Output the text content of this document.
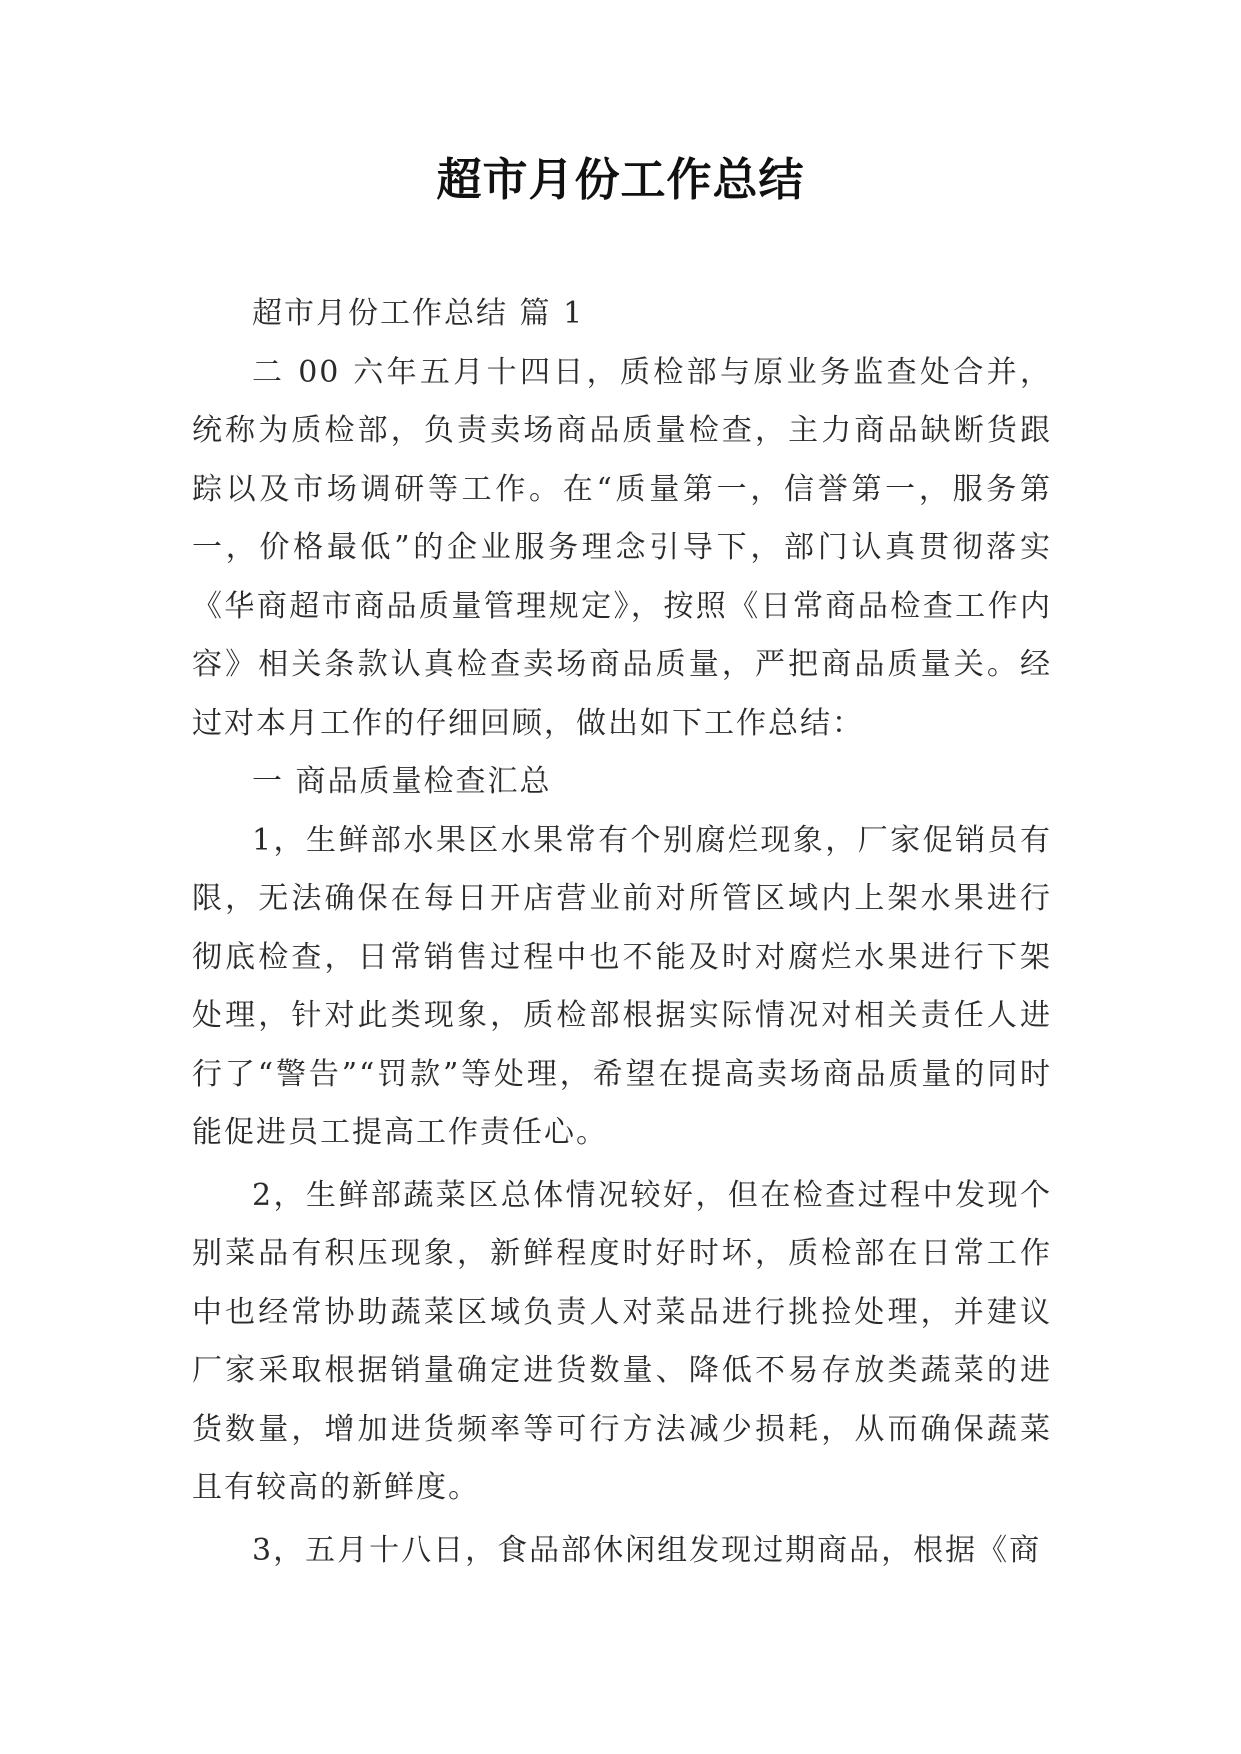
超市月份工作总结

超市月份工作总结 篇 1

二 00 六年五月十四日，质检部与原业务监查处合并，统称为质检部，负责卖场商品质量检查，主力商品缺断货跟踪以及市场调研等工作。在“质量第一，信誉第一，服务第一，价格最低”的企业服务理念引导下，部门认真贯彻落实《华商超市商品质量管理规定》，按照《日常商品检查工作内容》相关条款认真检查卖场商品质量，严把商品质量关。经过对本月工作的仔细回顾，做出如下工作总结：

一 商品质量检查汇总

1，生鲜部水果区水果常有个别腐烂现象，厂家促销员有限，无法确保在每日开店营业前对所管区域内上架水果进行彻底检查，日常销售过程中也不能及时对腐烂水果进行下架处理，针对此类现象，质检部根据实际情况对相关责任人进行了“警告”“罚款”等处理，希望在提高卖场商品质量的同时能促进员工提高工作责任心。

2，生鲜部蔬菜区总体情况较好，但在检查过程中发现个别菜品有积压现象，新鲜程度时好时坏，质检部在日常工作中也经常协助蔬菜区域负责人对菜品进行挑捡处理，并建议厂家采取根据销量确定进货数量、降低不易存放类蔬菜的进货数量，增加进货频率等可行方法减少损耗，从而确保蔬菜且有较高的新鲜度。

3，五月十八日，食品部休闲组发现过期商品，根据《商
